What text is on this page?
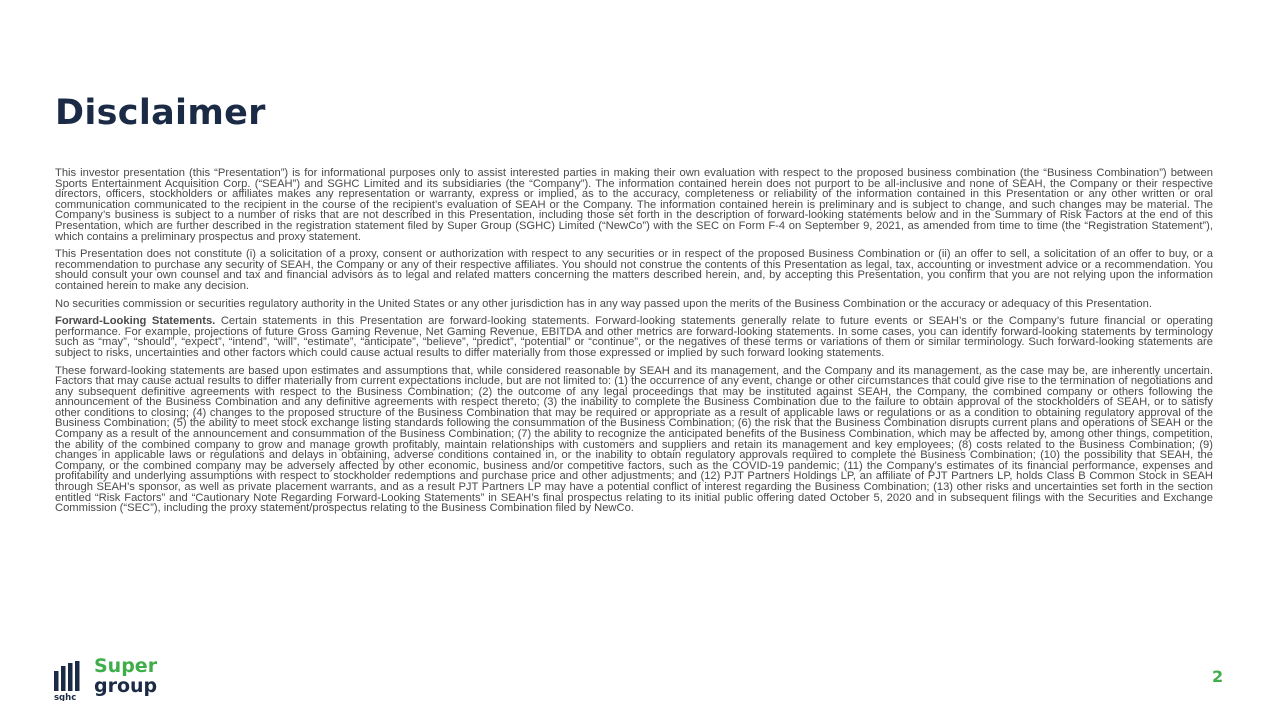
Disclaimer

This investor presentation (this “Presentation”) is for informational purposes only to assist interested parties in making their own evaluation with respect to the proposed business combination (the “Business Combination”) between Sports Entertainment Acquisition Corp. (“SEAH”) and SGHC Limited and its subsidiaries (the “Company”). The information contained herein does not purport to be all-inclusive and none of SEAH, the Company or their respective directors, officers, stockholders or affiliates makes any representation or warranty, express or implied, as to the accuracy, completeness or reliability of the information contained in this Presentation or any other written or oral communication communicated to the recipient in the course of the recipient’s evaluation of SEAH or the Company. The information contained herein is preliminary and is subject to change, and such changes may be material. The Company’s business is subject to a number of risks that are not described in this Presentation, including those set forth in the description of forward-looking statements below and in the Summary of Risk Factors at the end of this Presentation, which are further described in the registration statement filed by Super Group (SGHC) Limited (“NewCo”) with the SEC on Form F-4 on September 9, 2021, as amended from time to time (the “Registration Statement”), which contains a preliminary prospectus and proxy statement.

This Presentation does not constitute (i) a solicitation of a proxy, consent or authorization with respect to any securities or in respect of the proposed Business Combination or (ii) an offer to sell, a solicitation of an offer to buy, or a recommendation to purchase any security of SEAH, the Company or any of their respective affiliates. You should not construe the contents of this Presentation as legal, tax, accounting or investment advice or a recommendation. You should consult your own counsel and tax and financial advisors as to legal and related matters concerning the matters described herein, and, by accepting this Presentation, you confirm that you are not relying upon the information contained herein to make any decision.

No securities commission or securities regulatory authority in the United States or any other jurisdiction has in any way passed upon the merits of the Business Combination or the accuracy or adequacy of this Presentation.

Forward-Looking Statements. Certain statements in this Presentation are forward-looking statements. Forward-looking statements generally relate to future events or SEAH’s or the Company’s future financial or operating performance. For example, projections of future Gross Gaming Revenue, Net Gaming Revenue, EBITDA and other metrics are forward-looking statements. In some cases, you can identify forward-looking statements by terminology such as “may”, “should”, “expect”, “intend”, “will”, “estimate”, “anticipate”, “believe”, “predict”, “potential” or “continue”, or the negatives of these terms or variations of them or similar terminology. Such forward-looking statements are subject to risks, uncertainties and other factors which could cause actual results to differ materially from those expressed or implied by such forward looking statements.

These forward-looking statements are based upon estimates and assumptions that, while considered reasonable by SEAH and its management, and the Company and its management, as the case may be, are inherently uncertain. Factors that may cause actual results to differ materially from current expectations include, but are not limited to: (1) the occurrence of any event, change or other circumstances that could give rise to the termination of negotiations and any subsequent definitive agreements with respect to the Business Combination; (2) the outcome of any legal proceedings that may be instituted against SEAH, the Company, the combined company or others following the announcement of the Business Combination and any definitive agreements with respect thereto; (3) the inability to complete the Business Combination due to the failure to obtain approval of the stockholders of SEAH, or to satisfy other conditions to closing; (4) changes to the proposed structure of the Business Combination that may be required or appropriate as a result of applicable laws or regulations or as a condition to obtaining regulatory approval of the Business Combination; (5) the ability to meet stock exchange listing standards following the consummation of the Business Combination; (6) the risk that the Business Combination disrupts current plans and operations of SEAH or the Company as a result of the announcement and consummation of the Business Combination; (7) the ability to recognize the anticipated benefits of the Business Combination, which may be affected by, among other things, competition, the ability of the combined company to grow and manage growth profitably, maintain relationships with customers and suppliers and retain its management and key employees; (8) costs related to the Business Combination; (9) changes in applicable laws or regulations and delays in obtaining, adverse conditions contained in, or the inability to obtain regulatory approvals required to complete the Business Combination; (10) the possibility that SEAH, the Company, or the combined company may be adversely affected by other economic, business and/or competitive factors, such as the COVID-19 pandemic; (11) the Company’s estimates of its financial performance, expenses and profitability and underlying assumptions with respect to stockholder redemptions and purchase price and other adjustments; and (12) PJT Partners Holdings LP, an affiliate of PJT Partners LP, holds Class B Common Stock in SEAH through SEAH’s sponsor, as well as private placement warrants, and as a result PJT Partners LP may have a potential conflict of interest regarding the Business Combination; (13) other risks and uncertainties set forth in the section entitled “Risk Factors” and “Cautionary Note Regarding Forward-Looking Statements” in SEAH’s final prospectus relating to its initial public offering dated October 5, 2020 and in subsequent filings with the Securities and Exchange Commission (“SEC”), including the proxy statement/prospectus relating to the Business Combination filed by NewCo.

sghc
Super
group	2
